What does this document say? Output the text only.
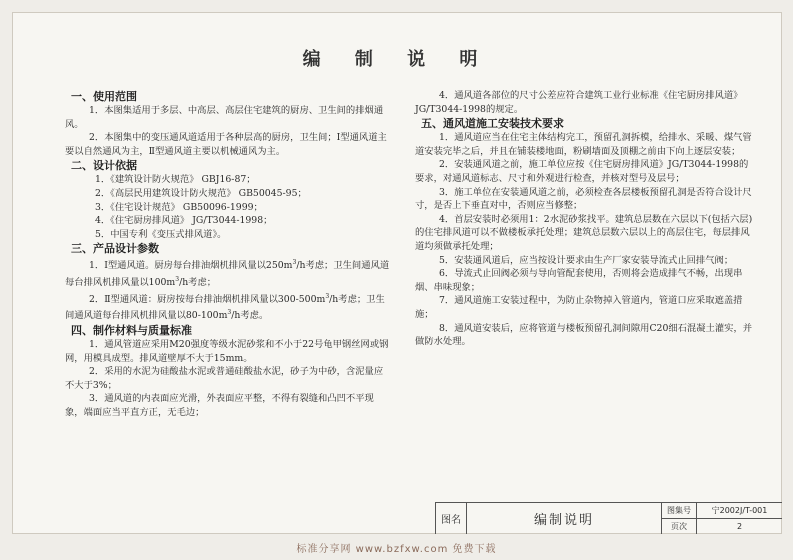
编 制 说 明
一、使用范围

1．本图集适用于多层、中高层、高层住宅建筑的厨房、卫生间的排烟通风。

2．本图集中的变压通风道适用于各种层高的厨房，卫生间；Ⅰ型通风道主要以自然通风为主，Ⅱ型通风道主要以机械通风为主。

二、设计依据

1．《建筑设计防火规范》 GBJ16-87；

2．《高层民用建筑设计防火规范》 GB50045-95；

3．《住宅设计规范》 GB50096-1999；

4．《住宅厨房排风道》 JG/T3044-1998；

5．中国专利《变压式排风道》。

三、产品设计参数

1．Ⅰ型通风道。厨房每台排油烟机排风量以$250m^3/h$考虑；卫生间通风道每台排风机排风量以$100m^3/h$考虑；

2．Ⅱ型通风道：厨房按每台排油烟机排风量以$300-500m^3/h$考虑；卫生间通风道每台排风机排风量以$80-100m^3/h$考虑。

四、制作材料与质量标准

1．通风管道应采用M20强度等级水泥砂浆和不小于22号龟甲钢丝网或钢网，用模具成型。排风道壁厚不大于15mm。

2．采用的水泥为硅酸盐水泥或普通硅酸盐水泥，砂子为中砂，含泥量应不大于3%；

3．通风道的内表面应光滑，外表面应平整，不得有裂缝和凸凹不平现象，端面应当平直方正，无毛边；

4．通风道各部位的尺寸公差应符合建筑工业行业标准《住宅厨房排风道》JG/T3044-1998的规定。

五、通风道施工安装技术要求

1．通风道应当在住宅主体结构完工，预留孔洞拆模，给排水、采暖、煤气管道安装完毕之后，并且在铺装楼地面，粉刷墙面及顶棚之前由下向上逐层安装；

2．安装通风道之前，施工单位应按《住宅厨房排风道》JG/T3044-1998的要求，对通风道标志、尺寸和外观进行检查，并核对型号及层号；

3．施工单位在安装通风道之前，必须检查各层楼板预留孔洞是否符合设计尺寸，是否上下垂直对中，否则应当修整；

4．首层安装时必须用1：2水泥砂浆找平。建筑总层数在六层以下(包括六层)的住宅排风道可以不做楼板承托处理；建筑总层数六层以上的高层住宅，每层排风道均须做承托处理；

5．安装通风道后，应当按设计要求由生产厂家安装导流式止回排气阀；

6．导流式止回阀必须与导向管配套使用，否则将会造成排气不畅，出现串烟、串味现象；

7．通风道施工安装过程中，为防止杂物掉入管道内，管道口应采取遮盖措施；

8．通风道安装后，应将管道与楼板预留孔洞间隙用C20细石混凝土灌实，并做防水处理。

图名	编制说明
图集号	宁2002J/T-001
页次	2
标准分享网 www.bzfxw.com 免费下载
